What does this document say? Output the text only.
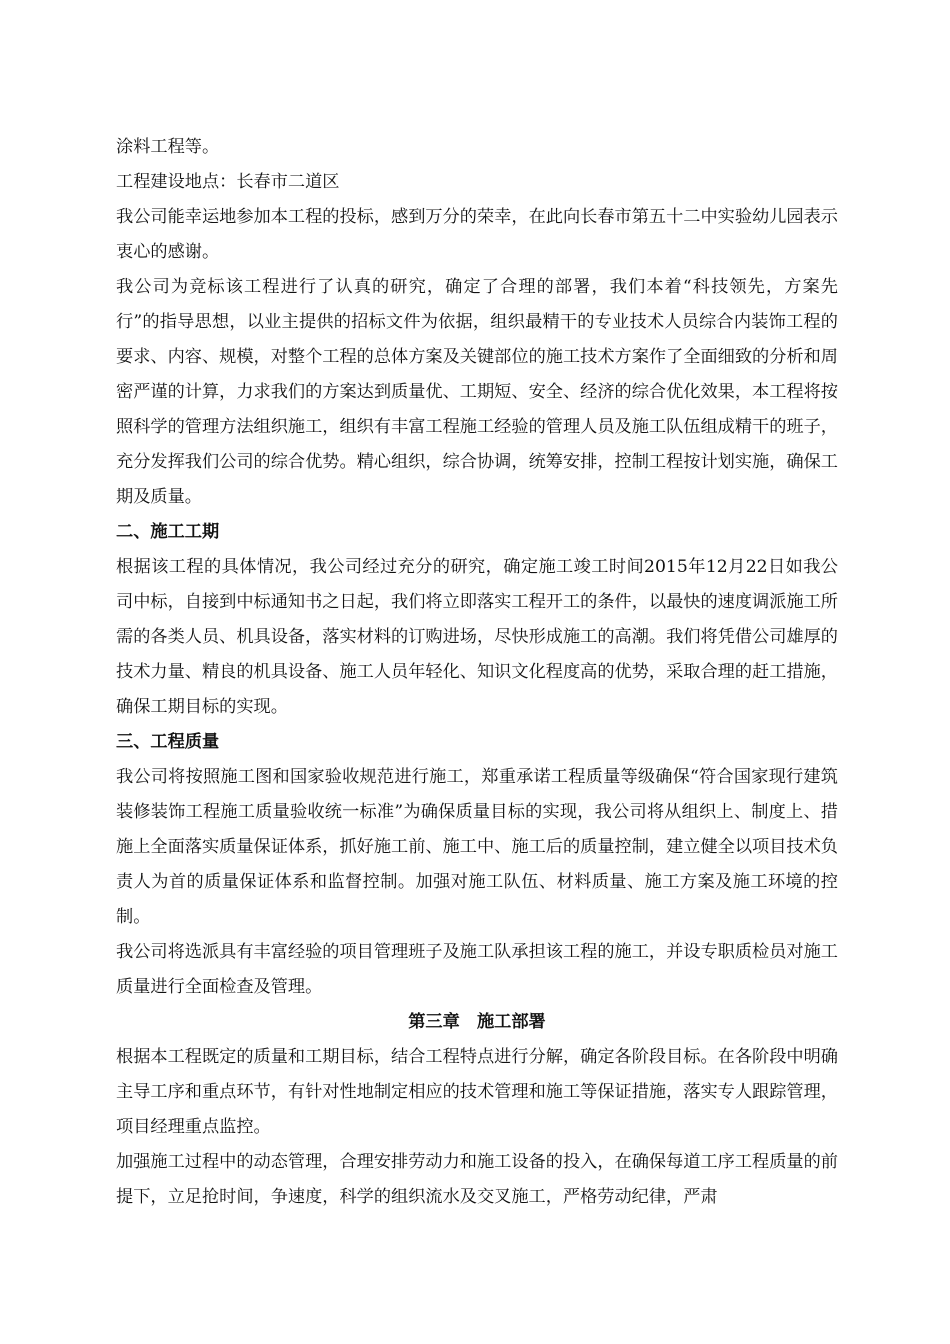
涂料工程等。

工程建设地点：长春市二道区

我公司能幸运地参加本工程的投标，感到万分的荣幸，在此向长春市第五十二中实验幼儿园表示衷心的感谢。

我公司为竞标该工程进行了认真的研究，确定了合理的部署，我们本着“科技领先，方案先行”的指导思想，以业主提供的招标文件为依据，组织最精干的专业技术人员综合内装饰工程的要求、内容、规模，对整个工程的总体方案及关键部位的施工技术方案作了全面细致的分析和周密严谨的计算，力求我们的方案达到质量优、工期短、安全、经济的综合优化效果，本工程将按照科学的管理方法组织施工，组织有丰富工程施工经验的管理人员及施工队伍组成精干的班子，充分发挥我们公司的综合优势。精心组织，综合协调，统筹安排，控制工程按计划实施，确保工期及质量。

二、施工工期

根据该工程的具体情况，我公司经过充分的研究，确定施工竣工时间2015年12月22日如我公司中标，自接到中标通知书之日起，我们将立即落实工程开工的条件，以最快的速度调派施工所需的各类人员、机具设备，落实材料的订购进场，尽快形成施工的高潮。我们将凭借公司雄厚的技术力量、精良的机具设备、施工人员年轻化、知识文化程度高的优势，采取合理的赶工措施，确保工期目标的实现。

三、工程质量

我公司将按照施工图和国家验收规范进行施工，郑重承诺工程质量等级确保“符合国家现行建筑装修装饰工程施工质量验收统一标准”为确保质量目标的实现，我公司将从组织上、制度上、措施上全面落实质量保证体系，抓好施工前、施工中、施工后的质量控制，建立健全以项目技术负责人为首的质量保证体系和监督控制。加强对施工队伍、材料质量、施工方案及施工环境的控制。

我公司将选派具有丰富经验的项目管理班子及施工队承担该工程的施工，并设专职质检员对施工质量进行全面检查及管理。

第三章　施工部署

根据本工程既定的质量和工期目标，结合工程特点进行分解，确定各阶段目标。在各阶段中明确主导工序和重点环节，有针对性地制定相应的技术管理和施工等保证措施，落实专人跟踪管理，项目经理重点监控。

加强施工过程中的动态管理，合理安排劳动力和施工设备的投入，在确保每道工序工程质量的前提下，立足抢时间，争速度，科学的组织流水及交叉施工，严格劳动纪律，严肃
